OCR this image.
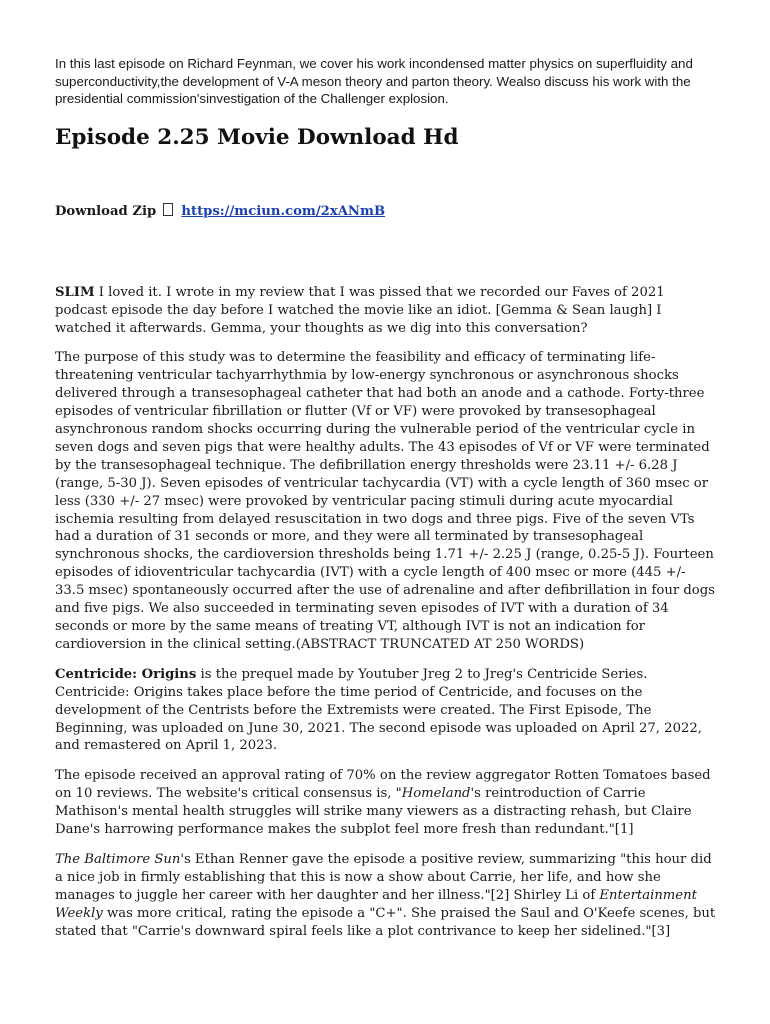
In this last episode on Richard Feynman, we cover his work incondensed matter physics on superfluidity and superconductivity,the development of V-A meson theory and parton theory. Wealso discuss his work with the presidential commission'sinvestigation of the Challenger explosion.

Episode 2.25 Movie Download Hd
Download Zip https://mciun.com/2xANmB

SLIM I loved it. I wrote in my review that I was pissed that we recorded our Faves of 2021 podcast episode the day before I watched the movie like an idiot. [Gemma & Sean laugh] I watched it afterwards. Gemma, your thoughts as we dig into this conversation?

The purpose of this study was to determine the feasibility and efficacy of terminating life-threatening ventricular tachyarrhythmia by low-energy synchronous or asynchronous shocks delivered through a transesophageal catheter that had both an anode and a cathode. Forty-three episodes of ventricular fibrillation or flutter (Vf or VF) were provoked by transesophageal asynchronous random shocks occurring during the vulnerable period of the ventricular cycle in seven dogs and seven pigs that were healthy adults. The 43 episodes of Vf or VF were terminated by the transesophageal technique. The defibrillation energy thresholds were 23.11 +/- 6.28 J (range, 5-30 J). Seven episodes of ventricular tachycardia (VT) with a cycle length of 360 msec or less (330 +/- 27 msec) were provoked by ventricular pacing stimuli during acute myocardial ischemia resulting from delayed resuscitation in two dogs and three pigs. Five of the seven VTs had a duration of 31 seconds or more, and they were all terminated by transesophageal synchronous shocks, the cardioversion thresholds being 1.71 +/- 2.25 J (range, 0.25-5 J). Fourteen episodes of idioventricular tachycardia (IVT) with a cycle length of 400 msec or more (445 +/- 33.5 msec) spontaneously occurred after the use of adrenaline and after defibrillation in four dogs and five pigs. We also succeeded in terminating seven episodes of IVT with a duration of 34 seconds or more by the same means of treating VT, although IVT is not an indication for cardioversion in the clinical setting.(ABSTRACT TRUNCATED AT 250 WORDS)

Centricide: Origins is the prequel made by Youtuber Jreg 2 to Jreg's Centricide Series. Centricide: Origins takes place before the time period of Centricide, and focuses on the development of the Centrists before the Extremists were created. The First Episode, The Beginning, was uploaded on June 30, 2021. The second episode was uploaded on April 27, 2022, and remastered on April 1, 2023.

The episode received an approval rating of 70% on the review aggregator Rotten Tomatoes based on 10 reviews. The website's critical consensus is, "Homeland's reintroduction of Carrie Mathison's mental health struggles will strike many viewers as a distracting rehash, but Claire Dane's harrowing performance makes the subplot feel more fresh than redundant."[1]

The Baltimore Sun's Ethan Renner gave the episode a positive review, summarizing "this hour did a nice job in firmly establishing that this is now a show about Carrie, her life, and how she manages to juggle her career with her daughter and her illness."[2] Shirley Li of Entertainment Weekly was more critical, rating the episode a "C+". She praised the Saul and O'Keefe scenes, but stated that "Carrie's downward spiral feels like a plot contrivance to keep her sidelined."[3]
